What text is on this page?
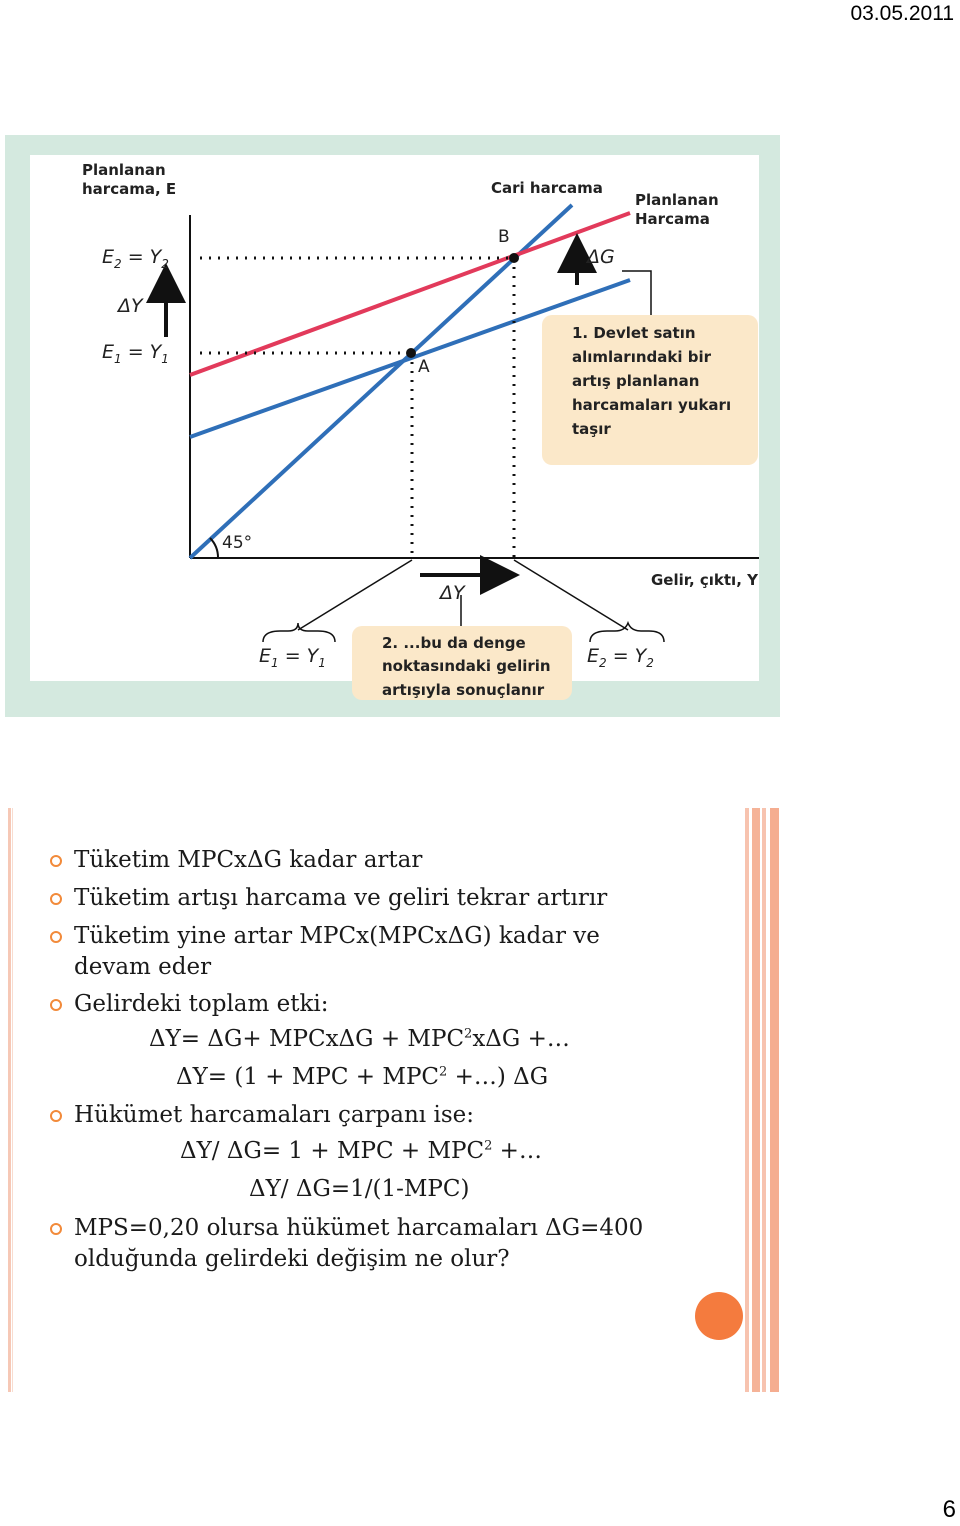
03.05.2011
Planlanan
harcama, E	Cari harcama
Planlanan
Harcama
B
A
45°
ΔG
ΔY
ΔY
Gelir, çıktı, Y
$E_2 = Y_2$
$E_1 = Y_1$
$E_1 = Y_1$	$E_2 = Y_2$
1. Devlet satın
alımlarındaki bir
artış planlanan
harcamaları yukarı
taşır
2. ...bu da denge
noktasındaki gelirin
artışıyla sonuçlanır
Tüketim MPCxΔG kadar artar
Tüketim artışı harcama ve geliri tekrar artırır
Tüketim yine artar MPCx(MPCxΔG) kadar ve devam eder
Gelirdeki toplam etki:
ΔY= ΔG+ MPCxΔG + $MPC^2x\Delta G$ +…
ΔY= (1 + MPC + $MPC^2$ +…) ΔG
Hükümet harcamaları çarpanı ise:
ΔY/ ΔG= 1 + MPC + $MPC^2$ +…
ΔY/ ΔG=1/(1-MPC)
MPS=0,20 olursa hükümet harcamaları ΔG=400 olduğunda gelirdeki değişim ne olur?
6
